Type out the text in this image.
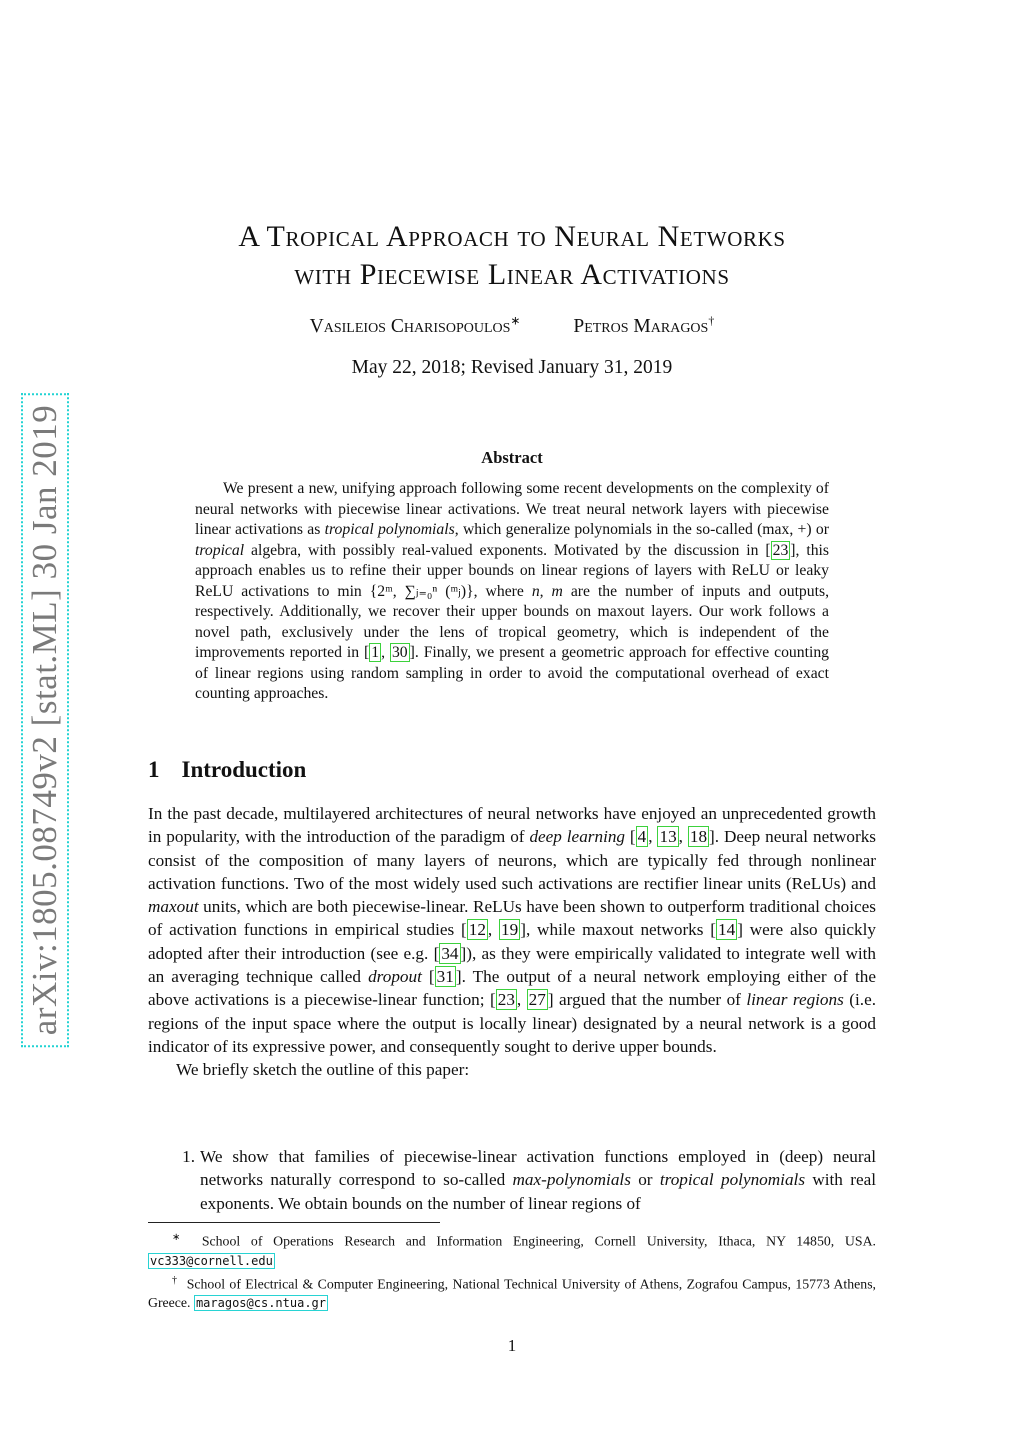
arXiv:1805.08749v2 [stat.ML] 30 Jan 2019
A Tropical Approach to Neural Networks
with Piecewise Linear Activations
Vasileios Charisopoulos∗	Petros Maragos†
May 22, 2018; Revised January 31, 2019
Abstract

We present a new, unifying approach following some recent developments on the complexity of neural networks with piecewise linear activations. We treat neural network layers with piecewise linear activations as tropical polynomials, which generalize polynomials in the so-called (max, +) or tropical algebra, with possibly real-valued exponents. Motivated by the discussion in [ 23 ], this approach enables us to refine their upper bounds on linear regions of layers with ReLU or leaky ReLU activations to min {2ᵐ, ∑ⱼ₌₀ⁿ (ᵐⱼ)}, where n, m are the number of inputs and outputs, respectively. Additionally, we recover their upper bounds on maxout layers. Our work follows a novel path, exclusively under the lens of tropical geometry, which is independent of the improvements reported in [ 1 , 30 ]. Finally, we present a geometric approach for effective counting of linear regions using random sampling in order to avoid the computational overhead of exact counting approaches.

1 Introduction

In the past decade, multilayered architectures of neural networks have enjoyed an unprecedented growth in popularity, with the introduction of the paradigm of deep learning [ 4 , 13 , 18 ]. Deep neural networks consist of the composition of many layers of neurons, which are typically fed through nonlinear activation functions. Two of the most widely used such activations are rectifier linear units (ReLUs) and maxout units, which are both piecewise-linear. ReLUs have been shown to outperform traditional choices of activation functions in empirical studies [ 12 , 19 ], while maxout networks [ 14 ] were also quickly adopted after their introduction (see e.g. [ 34 ]), as they were empirically validated to integrate well with an averaging technique called dropout [ 31 ]. The output of a neural network employing either of the above activations is a piecewise-linear function; [ 23 , 27 ] argued that the number of linear regions (i.e. regions of the input space where the output is locally linear) designated by a neural network is a good indicator of its expressive power, and consequently sought to derive upper bounds.

We briefly sketch the outline of this paper:

1. We show that families of piecewise-linear activation functions employed in (deep) neural networks naturally correspond to so-called max-polynomials or tropical polynomials with real exponents. We obtain bounds on the number of linear regions of

∗ School of Operations Research and Information Engineering, Cornell University, Ithaca, NY 14850, USA. vc333@cornell.edu

† School of Electrical & Computer Engineering, National Technical University of Athens, Zografou Campus, 15773 Athens, Greece. maragos@cs.ntua.gr

1
